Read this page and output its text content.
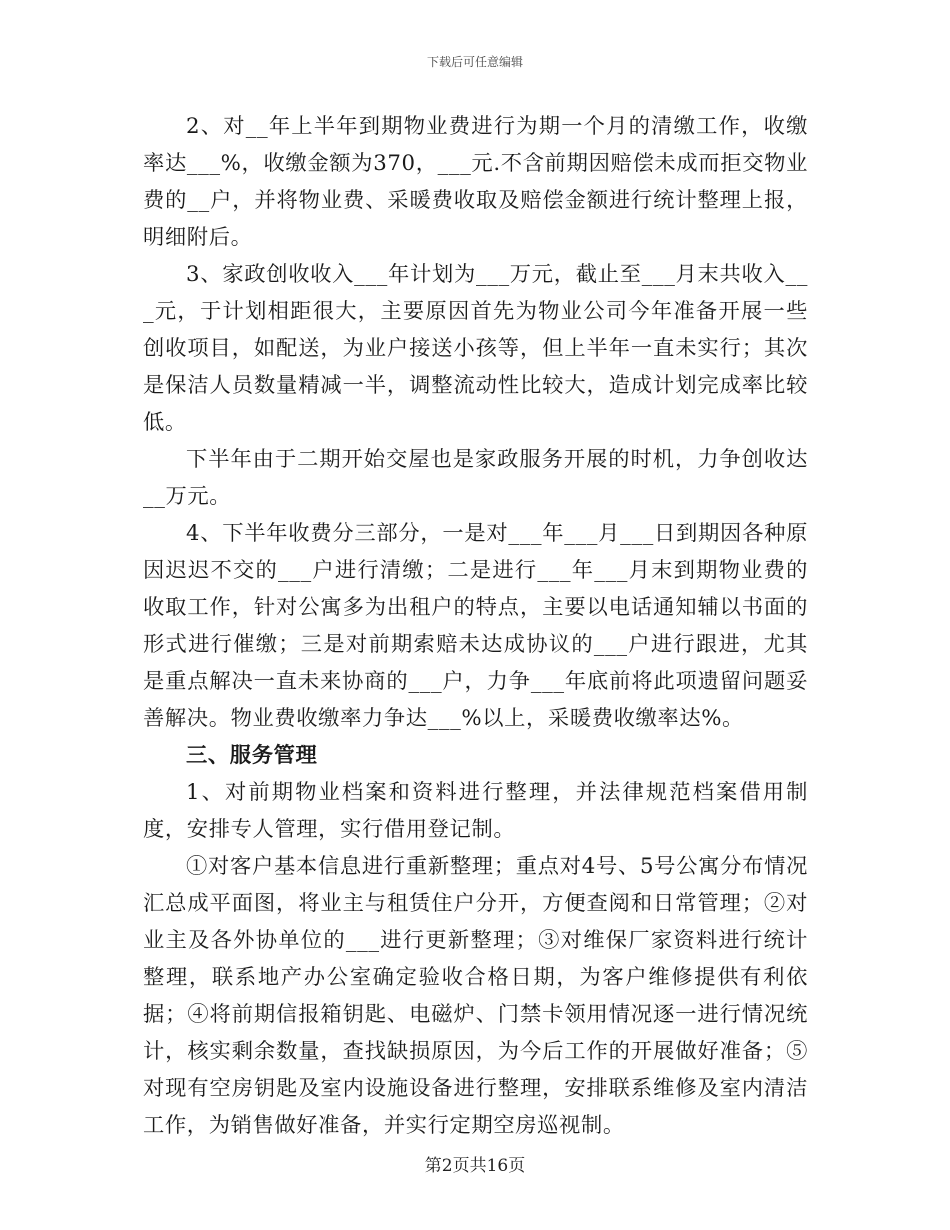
下载后可任意编辑

2、对__年上半年到期物业费进行为期一个月的清缴工作，收缴率达___%，收缴金额为370，___元.不含前期因赔偿未成而拒交物业费的__户，并将物业费、采暖费收取及赔偿金额进行统计整理上报，明细附后。

3、家政创收收入___年计划为___万元，截止至___月末共收入___元，于计划相距很大，主要原因首先为物业公司今年准备开展一些创收项目，如配送，为业户接送小孩等，但上半年一直未实行；其次是保洁人员数量精减一半，调整流动性比较大，造成计划完成率比较低。

下半年由于二期开始交屋也是家政服务开展的时机，力争创收达__万元。

4、下半年收费分三部分，一是对___年___月___日到期因各种原因迟迟不交的___户进行清缴；二是进行___年___月末到期物业费的收取工作，针对公寓多为出租户的特点，主要以电话通知辅以书面的形式进行催缴；三是对前期索赔未达成协议的___户进行跟进，尤其是重点解决一直未来协商的___户，力争___年底前将此项遗留问题妥善解决。物业费收缴率力争达___%以上，采暖费收缴率达%。

三、服务管理

1、对前期物业档案和资料进行整理，并法律规范档案借用制度，安排专人管理，实行借用登记制。

①对客户基本信息进行重新整理；重点对4号、5号公寓分布情况汇总成平面图，将业主与租赁住户分开，方便查阅和日常管理；②对业主及各外协单位的___进行更新整理；③对维保厂家资料进行统计整理，联系地产办公室确定验收合格日期，为客户维修提供有利依据；④将前期信报箱钥匙、电磁炉、门禁卡领用情况逐一进行情况统计，核实剩余数量，查找缺损原因，为今后工作的开展做好准备；⑤对现有空房钥匙及室内设施设备进行整理，安排联系维修及室内清洁工作，为销售做好准备，并实行定期空房巡视制。

第2页共16页
